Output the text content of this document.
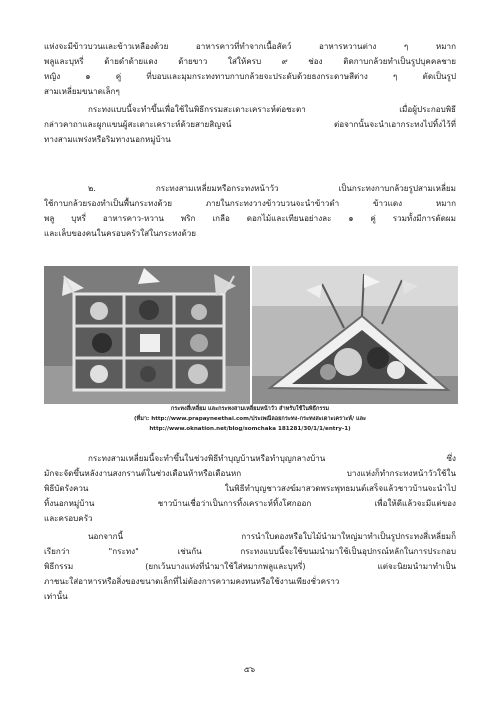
แห่งจะมีข้าวบวนและข้าวเหลืองด้วย อาหารคาวที่ทำจากเนื้อสัตว์ อาหารหวานต่าง ๆ หมาก
พลูและบุหรี่ ด้ายดำด้ายแดง ด้ายขาว ใส่ให้ครบ ๙ ช่อง ติดกาบกล้วยทำเป็นรูปบุคคลชาย
หญิง ๑ คู่ ที่บอบและมุมกระทงทาบกาบกล้วยจะประดับด้วยธงกระดาษสีต่าง ๆ ตัดเป็นรูป
สามเหลี่ยมขนาดเล็กๆ
กระทงแบบนี้จะทำขึ้นเพื่อใช้ในพิธีกรรมสะเดาะเคราะห์ต่อชะตา เมื่อผู้ประกอบพิธี
กล่าวคาถาและผูกแขนผู้สะเดาะเคราะห์ด้วยสายสิญจน์ ต่อจากนั้นจะนำเอากระทงไปทิ้งไว้ที่
ทางสามแพร่งหรือริมทางนอกหมู่บ้าน
๒. กระทงสามเหลี่ยมหรือกระทงหน้าวัว เป็นกระทงกาบกล้วยรูปสามเหลี่ยม
ใช้กาบกล้วยรองทำเป็นพื้นกระทงด้วย ภายในกระทงวางข้าวบวนจะนำข้าวดำ ข้าวแดง หมาก
พลู บุหรี่ อาหารคาว-หวาน พริก เกลือ ดอกไม้และเทียนอย่างละ ๑ คู่ รวมทั้งมีการตัดผม
และเล็บของคนในครอบครัวใส่ในกระทงด้วย
กระทงสี่เหลี่ยม และกระทงสามเหลี่ยมหน้าวัว สำหรับใช้ในพิธีกรรม
(ที่มา: http://www.prapayneethai.com/ประเพณีลอยกระทง-กระทงสะเดาะเคราะห์/ และ
http://www.oknation.net/blog/somchaka 181281/30/1/1/entry-1)
กระทงสามเหลี่ยมนี้จะทำขึ้นในช่วงพิธีทำบุญบ้านหรือทำบุญกลางบ้าน ซึ่ง
มักจะจัดขึ้นหลังงานสงกรานต์ในช่วงเดือนห้าหรือเดือนหก บางแห่งก็ทำกระทงหน้าวัวใช้ใน
พิธีบัดรังควน ในพิธีทำบุญชาวสงฆ์มาสวดพระพุทธมนต์เสร็จแล้วชาวบ้านจะนำไป
ทิ้งนอกหมู่บ้าน ชาวบ้านเชื่อว่าเป็นการทิ้งเคราะห์ทิ้งโศกออก เพื่อให้ดีแล้วจะมีแต่ของ
และครอบครัว
นอกจากนี้ การนำใบตองหรือใบไม้นำมาใหญ่มาทำเป็นรูปกระทงสี่เหลี่ยมก็
เรียกว่า "กระทง" เช่นกัน กระทงแบบนี้จะใช้ขนมนำมาใช้เป็นอุปกรณ์หลักในการประกอบ
พิธีกรรม (ยกเว้นบางแห่งที่นำมาใช้ใส่หมากพลูและบุหรี่) แต่จะนิยมนำมาทำเป็น
ภาชนะใส่อาหารหรือสิ่งของขนาดเล็กที่ไม่ต้องการความคงทนหรือใช้งานเพียงชั่วคราว
เท่านั้น
๕๖
